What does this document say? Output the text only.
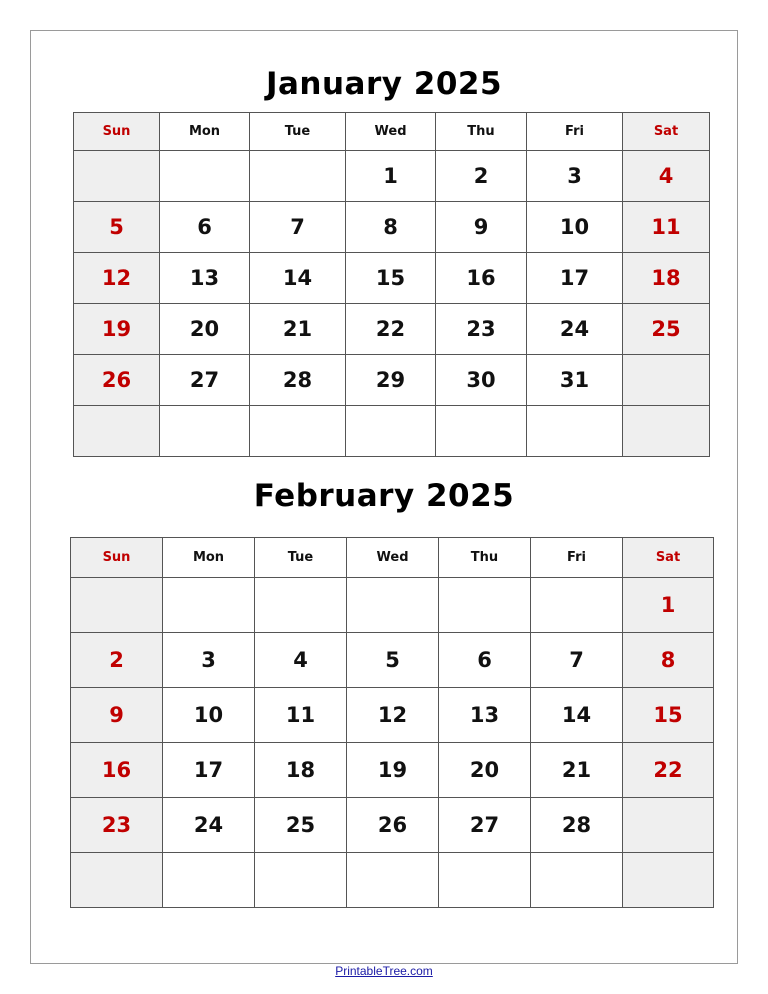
January 2025
Sun	Mon	Tue	Wed	Thu	Fri	Sat
			1	2	3	4
5	6	7	8	9	10	11
12	13	14	15	16	17	18
19	20	21	22	23	24	25
26	27	28	29	30	31	

February 2025
Sun	Mon	Tue	Wed	Thu	Fri	Sat
						1
2	3	4	5	6	7	8
9	10	11	12	13	14	15
16	17	18	19	20	21	22
23	24	25	26	27	28	

PrintableTree.com
